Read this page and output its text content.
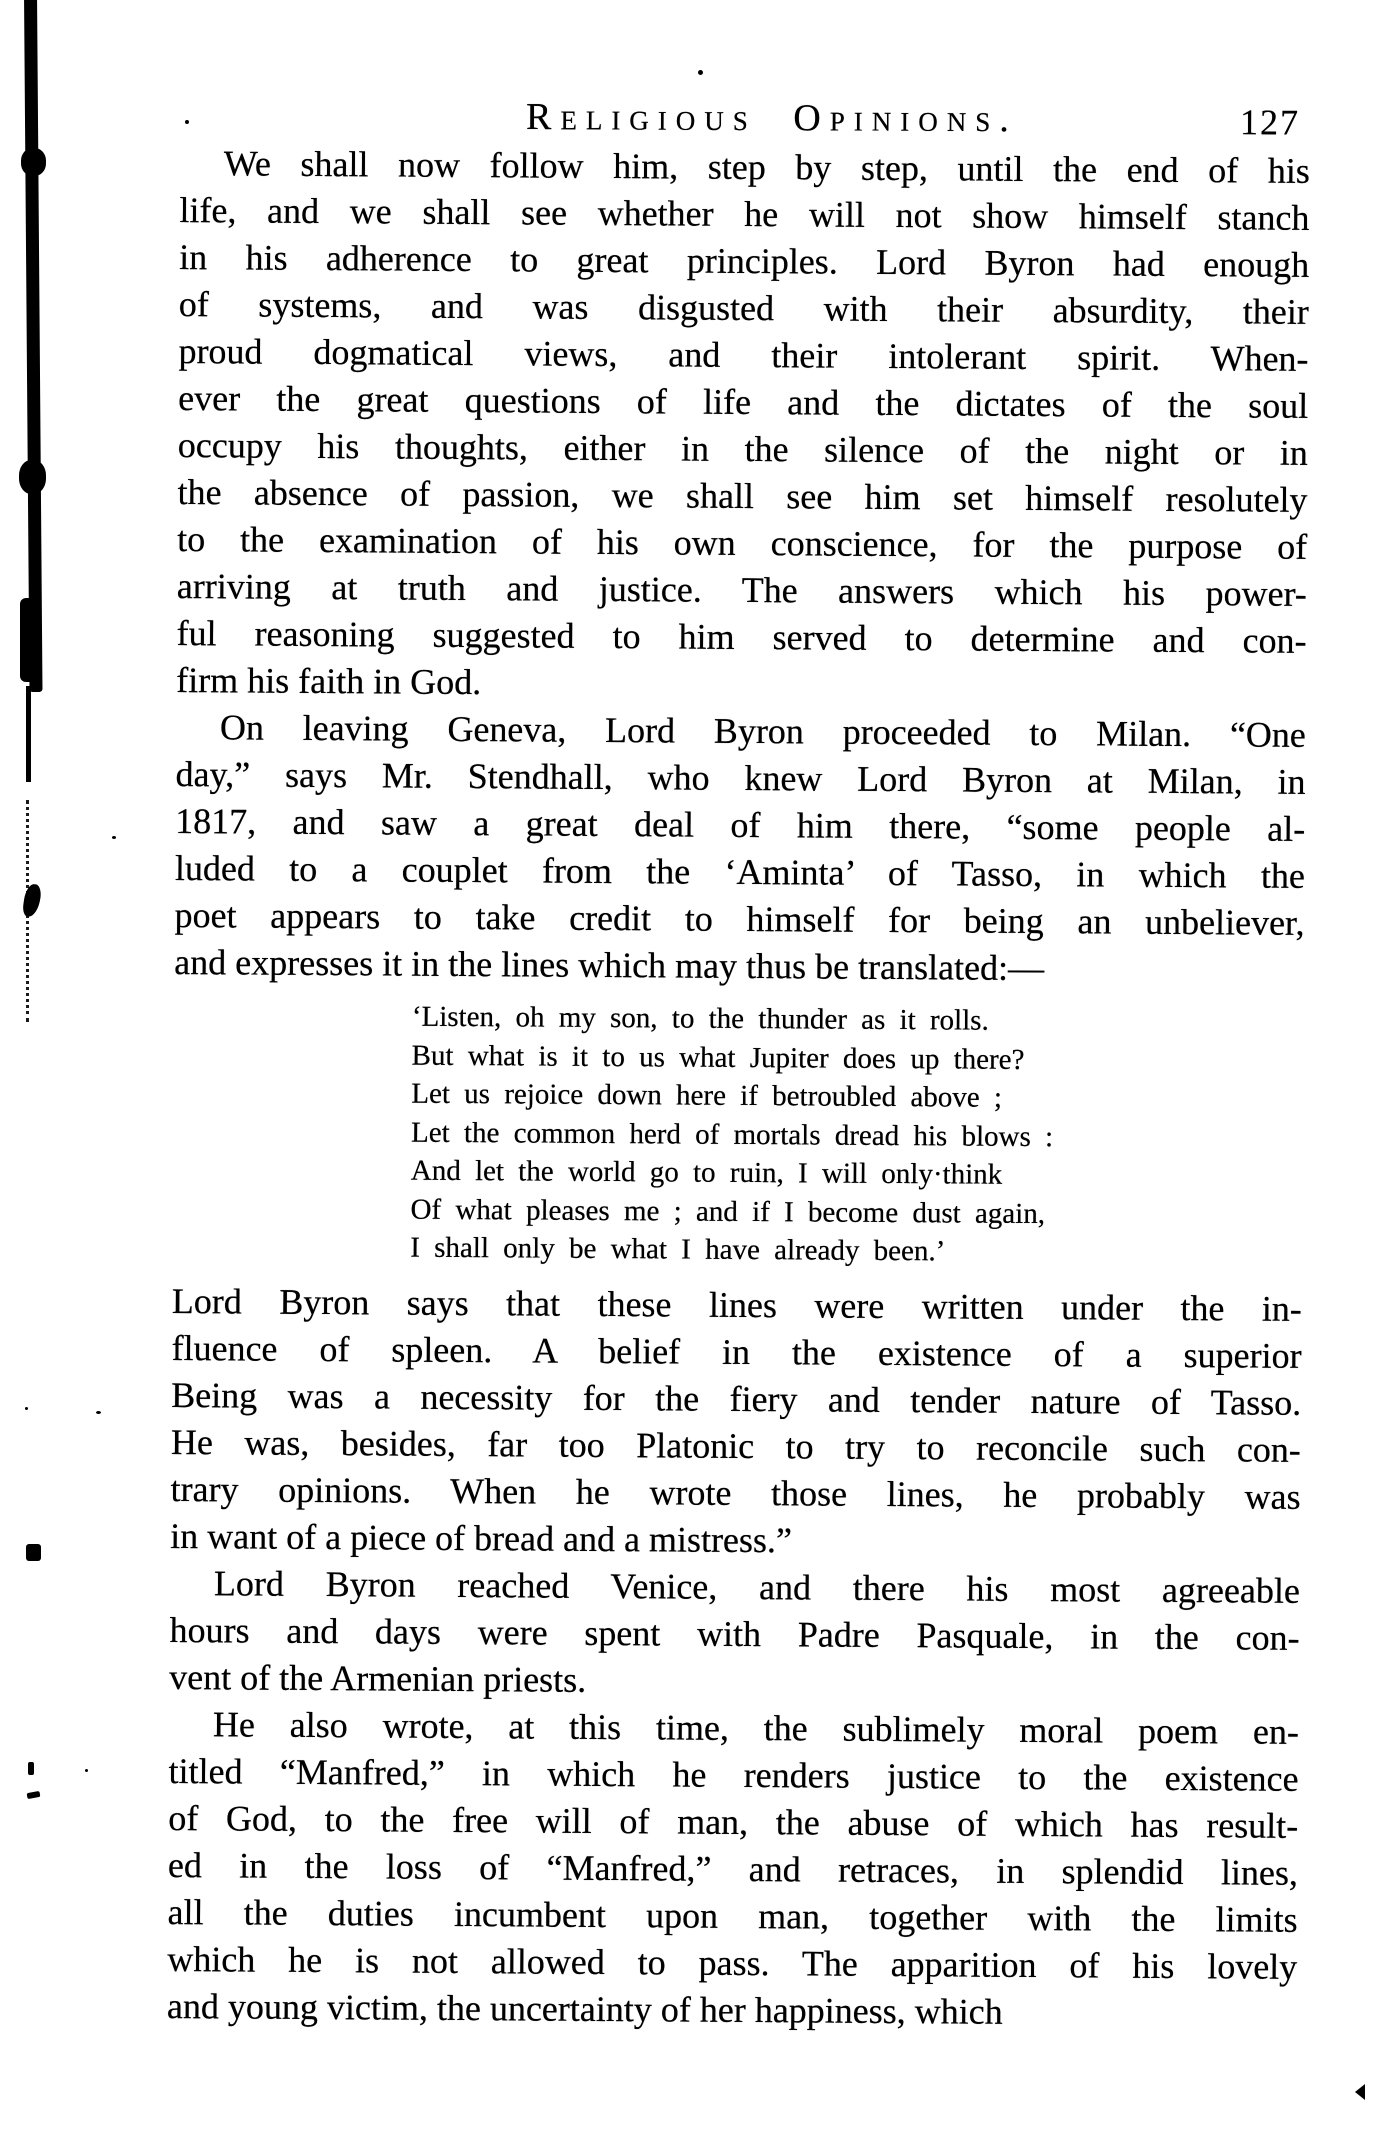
Religious Opinions.	127
We shall now follow him, step by step, until the end of his
life, and we shall see whether he will not show himself stanch
in his adherence to great principles. Lord Byron had enough
of systems, and was disgusted with their absurdity, their
proud dogmatical views, and their intolerant spirit. When-
ever the great questions of life and the dictates of the soul
occupy his thoughts, either in the silence of the night or in
the absence of passion, we shall see him set himself resolutely
to the examination of his own conscience, for the purpose of
arriving at truth and justice. The answers which his power-
ful reasoning suggested to him served to determine and con-
firm his faith in God.
On leaving Geneva, Lord Byron proceeded to Milan. “One
day,” says Mr. Stendhall, who knew Lord Byron at Milan, in
1817, and saw a great deal of him there, “some people al-
luded to a couplet from the ‘Aminta’ of Tasso, in which the
poet appears to take credit to himself for being an unbeliever,
and expresses it in the lines which may thus be translated:—
‘Listen, oh my son, to the thunder as it rolls.
But what is it to us what Jupiter does up there?
Let us rejoice down here if betroubled above ;
Let the common herd of mortals dread his blows :
And let the world go to ruin, I will only·think
Of what pleases me ; and if I become dust again,
I shall only be what I have already been.’
Lord Byron says that these lines were written under the in-
fluence of spleen. A belief in the existence of a superior
Being was a necessity for the fiery and tender nature of Tasso.
He was, besides, far too Platonic to try to reconcile such con-
trary opinions. When he wrote those lines, he probably was
in want of a piece of bread and a mistress.”
Lord Byron reached Venice, and there his most agreeable
hours and days were spent with Padre Pasquale, in the con-
vent of the Armenian priests.
He also wrote, at this time, the sublimely moral poem en-
titled “Manfred,” in which he renders justice to the existence
of God, to the free will of man, the abuse of which has result-
ed in the loss of “Manfred,” and retraces, in splendid lines,
all the duties incumbent upon man, together with the limits
which he is not allowed to pass. The apparition of his lovely
and young victim, the uncertainty of her happiness, which
